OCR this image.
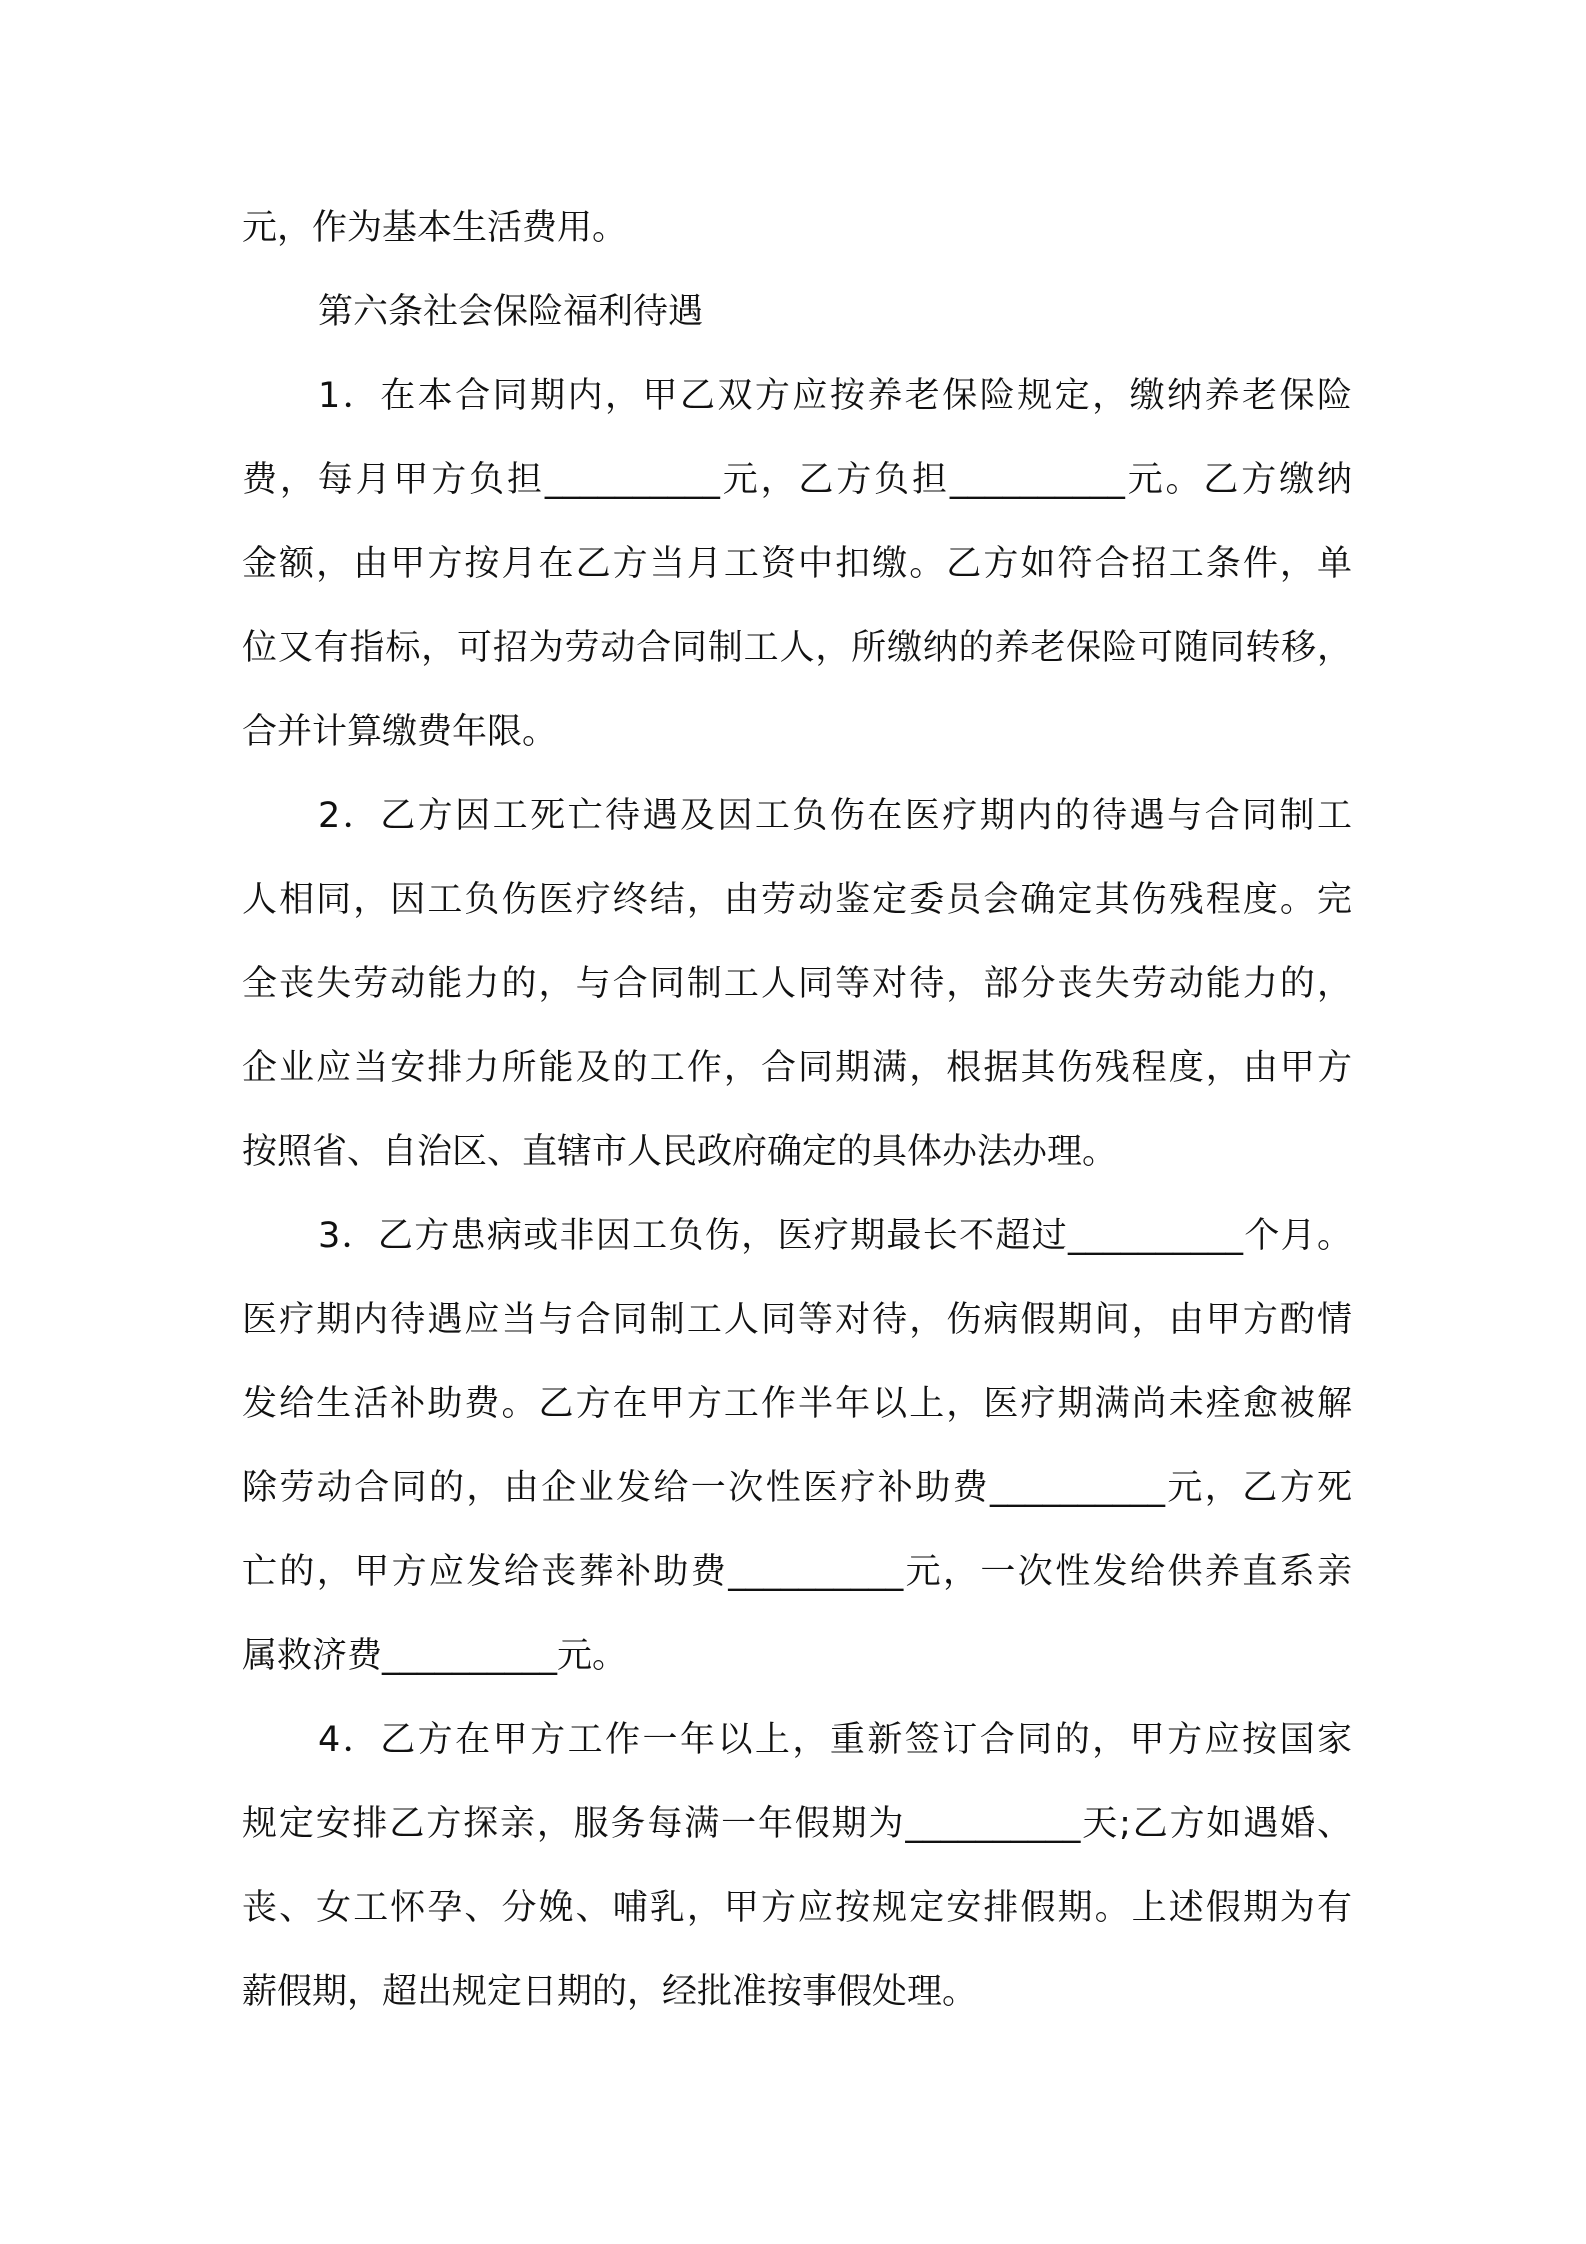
元，作为基本生活费用。
第六条社会保险福利待遇
1．在本合同期内，甲乙双方应按养老保险规定，缴纳养老保险
费，每月甲方负担__________元，乙方负担__________元。乙方缴纳
金额，由甲方按月在乙方当月工资中扣缴。乙方如符合招工条件，单
位又有指标，可招为劳动合同制工人，所缴纳的养老保险可随同转移，
合并计算缴费年限。
2．乙方因工死亡待遇及因工负伤在医疗期内的待遇与合同制工
人相同，因工负伤医疗终结，由劳动鉴定委员会确定其伤残程度。完
全丧失劳动能力的，与合同制工人同等对待，部分丧失劳动能力的，
企业应当安排力所能及的工作，合同期满，根据其伤残程度，由甲方
按照省、自治区、直辖市人民政府确定的具体办法办理。
3．乙方患病或非因工负伤，医疗期最长不超过__________个月。
医疗期内待遇应当与合同制工人同等对待，伤病假期间，由甲方酌情
发给生活补助费。乙方在甲方工作半年以上，医疗期满尚未痊愈被解
除劳动合同的，由企业发给一次性医疗补助费__________元，乙方死
亡的，甲方应发给丧葬补助费__________元，一次性发给供养直系亲
属救济费__________元。
4．乙方在甲方工作一年以上，重新签订合同的，甲方应按国家
规定安排乙方探亲，服务每满一年假期为__________天;乙方如遇婚、
丧、女工怀孕、分娩、哺乳，甲方应按规定安排假期。上述假期为有
薪假期，超出规定日期的，经批准按事假处理。
